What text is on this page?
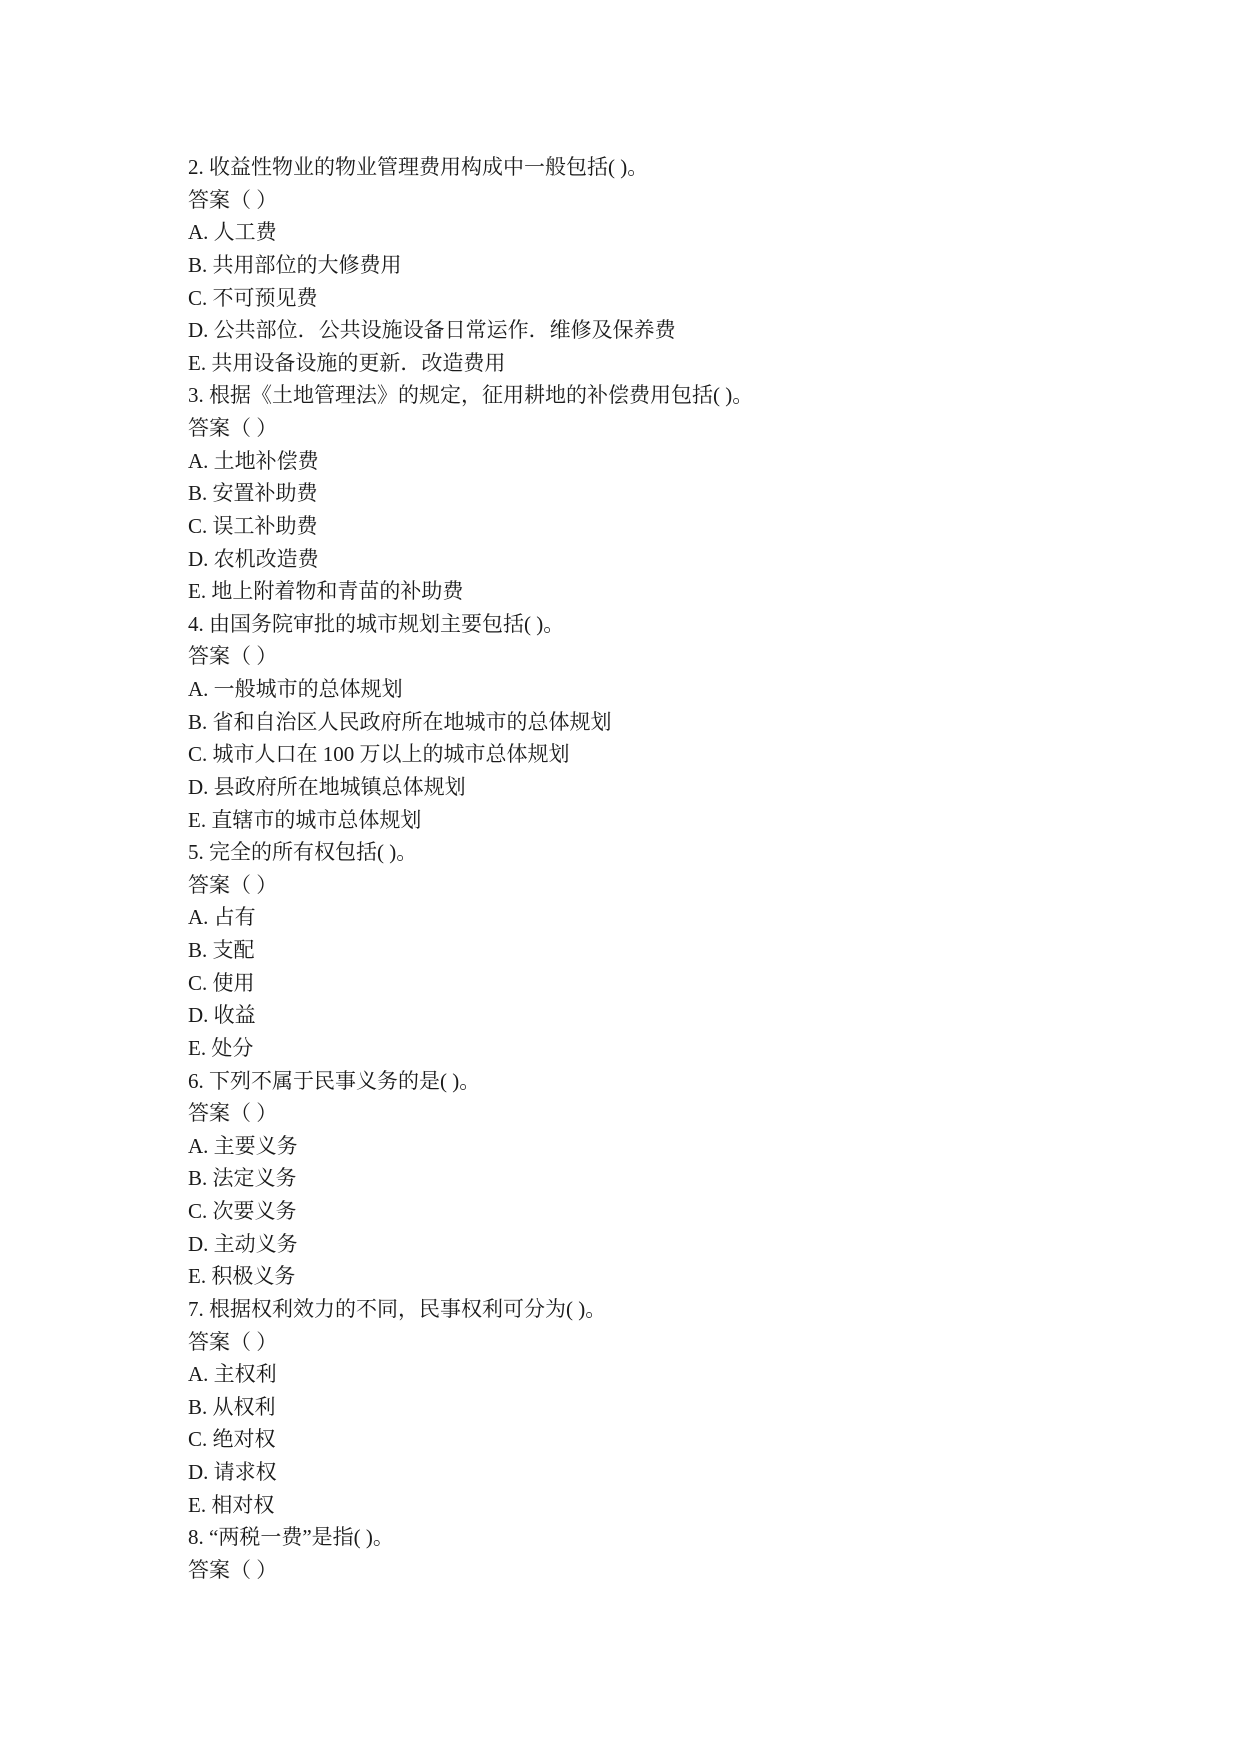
2. 收益性物业的物业管理费用构成中一般包括( )。
答案（ ）
A. 人工费
B. 共用部位的大修费用
C. 不可预见费
D. 公共部位．公共设施设备日常运作．维修及保养费
E. 共用设备设施的更新．改造费用
3. 根据《土地管理法》的规定，征用耕地的补偿费用包括( )。
答案（ ）
A. 土地补偿费
B. 安置补助费
C. 误工补助费
D. 农机改造费
E. 地上附着物和青苗的补助费
4. 由国务院审批的城市规划主要包括( )。
答案（ ）
A. 一般城市的总体规划
B. 省和自治区人民政府所在地城市的总体规划
C. 城市人口在 100 万以上的城市总体规划
D. 县政府所在地城镇总体规划
E. 直辖市的城市总体规划
5. 完全的所有权包括( )。
答案（ ）
A. 占有
B. 支配
C. 使用
D. 收益
E. 处分
6. 下列不属于民事义务的是( )。
答案（ ）
A. 主要义务
B. 法定义务
C. 次要义务
D. 主动义务
E. 积极义务
7. 根据权利效力的不同，民事权利可分为( )。
答案（ ）
A. 主权利
B. 从权利
C. 绝对权
D. 请求权
E. 相对权
8. “两税一费”是指( )。
答案（ ）
